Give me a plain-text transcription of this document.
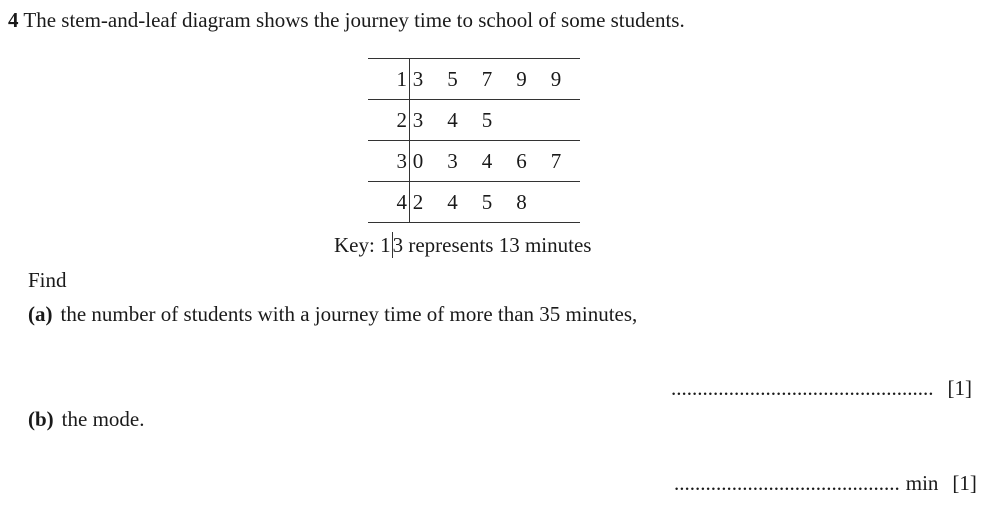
4 The stem-and-leaf diagram shows the journey time to school of some students.
1 3 5 7 9 9
2 3 4 5
3 0 3 4 6 7
4 2 4 5 8
Key: 13 represents 13 minutes
Find
(a) the number of students with a journey time of more than 35 minutes,
.................................................. [1]
(b) the mode.
........................................... min [1]
